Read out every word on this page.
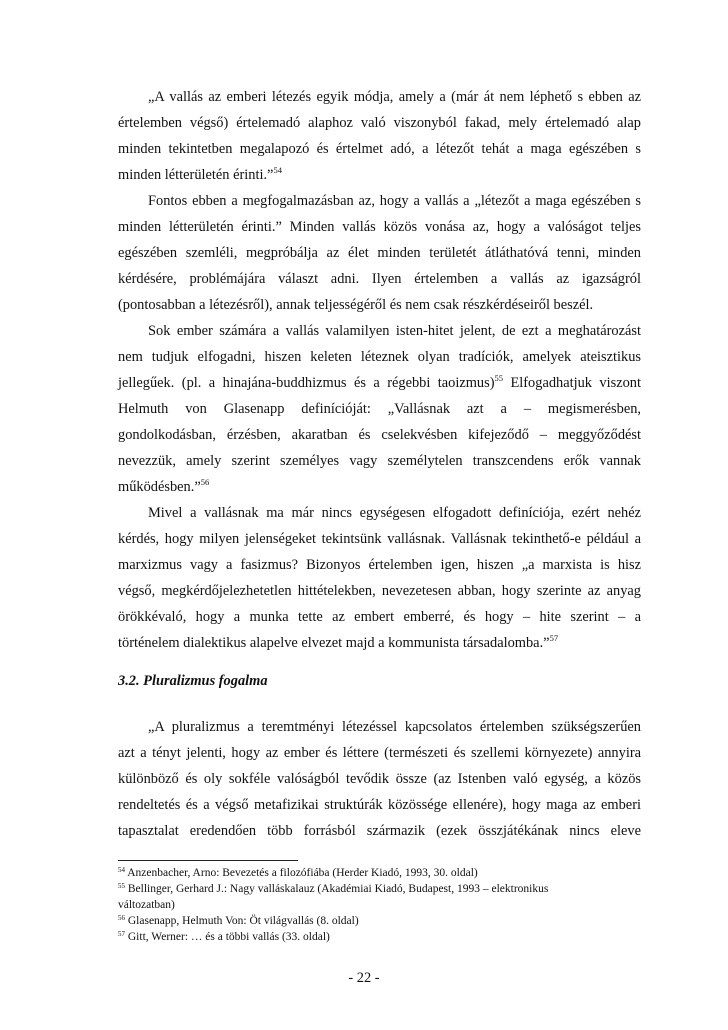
„A vallás az emberi létezés egyik módja, amely a (már át nem léphető s ebben az
értelemben végső) értelemadó alaphoz való viszonyból fakad, mely értelemadó alap
minden tekintetben megalapozó és értelmet adó, a létezőt tehát a maga egészében s
minden létterületén érinti.”$^{54}$
Fontos ebben a megfogalmazásban az, hogy a vallás a „létezőt a maga egészében s
minden létterületén érinti.” Minden vallás közös vonása az, hogy a valóságot teljes
egészében szemléli, megpróbálja az élet minden területét átláthatóvá tenni, minden
kérdésére, problémájára választ adni. Ilyen értelemben a vallás az igazságról
(pontosabban a létezésről), annak teljességéről és nem csak részkérdéseiről beszél.
Sok ember számára a vallás valamilyen isten-hitet jelent, de ezt a meghatározást
nem tudjuk elfogadni, hiszen keleten léteznek olyan tradíciók, amelyek ateisztikus
jellegűek. (pl. a hinajána-buddhizmus és a régebbi taoizmus)$^{55}$ Elfogadhatjuk viszont
Helmuth von Glasenapp definícióját: „Vallásnak azt a – megismerésben,
gondolkodásban, érzésben, akaratban és cselekvésben kifejeződő – meggyőződést
nevezzük, amely szerint személyes vagy személytelen transzcendens erők vannak
működésben.”$^{56}$
Mivel a vallásnak ma már nincs egységesen elfogadott definíciója, ezért nehéz
kérdés, hogy milyen jelenségeket tekintsünk vallásnak. Vallásnak tekinthető-e például a
marxizmus vagy a fasizmus? Bizonyos értelemben igen, hiszen „a marxista is hisz
végső, megkérdőjelezhetetlen hittételekben, nevezetesen abban, hogy szerinte az anyag
örökkévaló, hogy a munka tette az embert emberré, és hogy – hite szerint – a
történelem dialektikus alapelve elvezet majd a kommunista társadalomba.”$^{57}$
3.2. Pluralizmus fogalma
„A pluralizmus a teremtményi létezéssel kapcsolatos értelemben szükségszerűen
azt a tényt jelenti, hogy az ember és léttere (természeti és szellemi környezete) annyira
különböző és oly sokféle valóságból tevődik össze (az Istenben való egység, a közös
rendeltetés és a végső metafizikai struktúrák közössége ellenére), hogy maga az emberi
tapasztalat eredendően több forrásból származik (ezek összjátékának nincs eleve
$^{54}$ Anzenbacher, Arno: Bevezetés a filozófiába (Herder Kiadó, 1993, 30. oldal)
$^{55}$ Bellinger, Gerhard J.: Nagy valláskalauz (Akadémiai Kiadó, Budapest, 1993 – elektronikus
változatban)
$^{56}$ Glasenapp, Helmuth Von: Öt világvallás (8. oldal)
$^{57}$ Gitt, Werner: … és a többi vallás (33. oldal)
- 22 -
